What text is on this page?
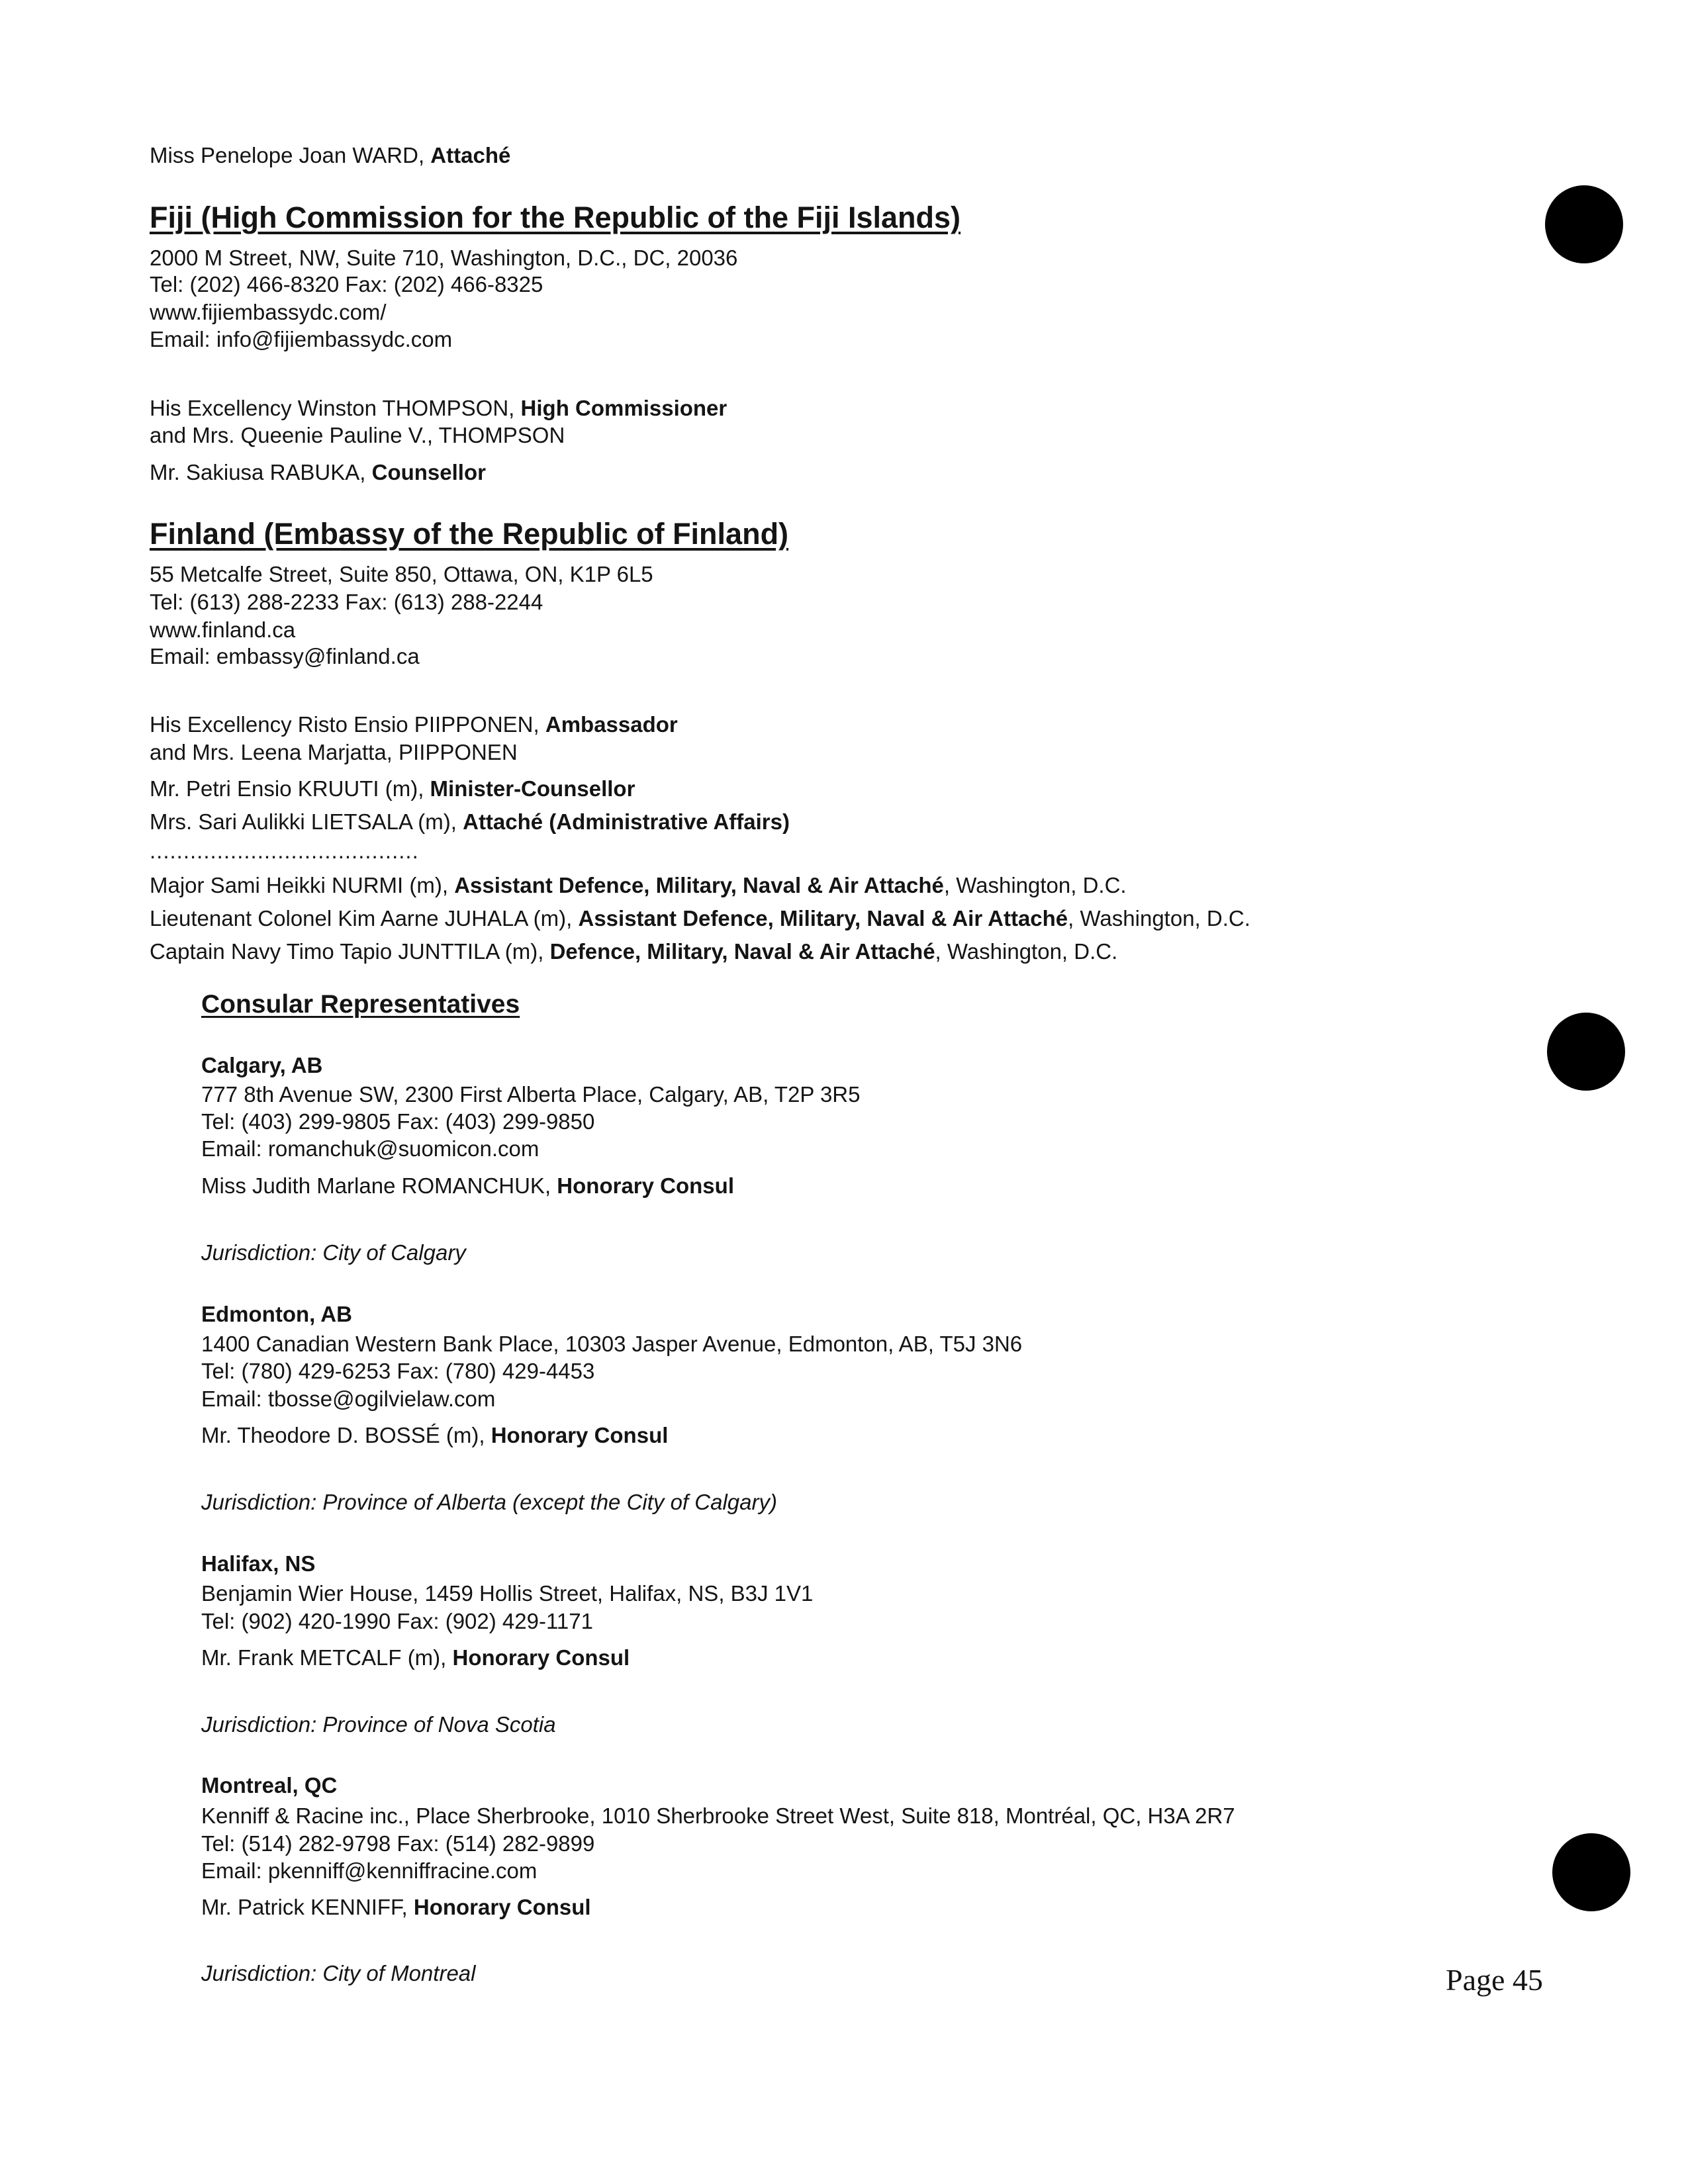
Miss Penelope Joan WARD, Attaché
Fiji (High Commission for the Republic of the Fiji Islands)
2000 M Street, NW, Suite 710, Washington, D.C., DC, 20036
Tel: (202) 466-8320 Fax: (202) 466-8325
www.fijiembassydc.com/
Email: info@fijiembassydc.com
His Excellency Winston THOMPSON, High Commissioner
and Mrs. Queenie Pauline V., THOMPSON
Mr. Sakiusa RABUKA, Counsellor
Finland (Embassy of the Republic of Finland)
55 Metcalfe Street, Suite 850, Ottawa, ON, K1P 6L5
Tel: (613) 288-2233 Fax: (613) 288-2244
www.finland.ca
Email: embassy@finland.ca
His Excellency Risto Ensio PIIPPONEN, Ambassador
and Mrs. Leena Marjatta, PIIPPONEN
Mr. Petri Ensio KRUUTI (m), Minister-Counsellor
Mrs. Sari Aulikki LIETSALA (m), Attaché (Administrative Affairs)
........................................
Major Sami Heikki NURMI (m), Assistant Defence, Military, Naval & Air Attaché, Washington, D.C.
Lieutenant Colonel Kim Aarne JUHALA (m), Assistant Defence, Military, Naval & Air Attaché, Washington, D.C.
Captain Navy Timo Tapio JUNTTILA (m), Defence, Military, Naval & Air Attaché, Washington, D.C.
Consular Representatives
Calgary, AB
777 8th Avenue SW, 2300 First Alberta Place, Calgary, AB, T2P 3R5
Tel: (403) 299-9805 Fax: (403) 299-9850
Email: romanchuk@suomicon.com
Miss Judith Marlane ROMANCHUK, Honorary Consul
Jurisdiction: City of Calgary
Edmonton, AB
1400 Canadian Western Bank Place, 10303 Jasper Avenue, Edmonton, AB, T5J 3N6
Tel: (780) 429-6253 Fax: (780) 429-4453
Email: tbosse@ogilvielaw.com
Mr. Theodore D. BOSSÉ (m), Honorary Consul
Jurisdiction: Province of Alberta (except the City of Calgary)
Halifax, NS
Benjamin Wier House, 1459 Hollis Street, Halifax, NS, B3J 1V1
Tel: (902) 420-1990 Fax: (902) 429-1171
Mr. Frank METCALF (m), Honorary Consul
Jurisdiction: Province of Nova Scotia
Montreal, QC
Kenniff & Racine inc., Place Sherbrooke, 1010 Sherbrooke Street West, Suite 818, Montréal, QC, H3A 2R7
Tel: (514) 282-9798 Fax: (514) 282-9899
Email: pkenniff@kenniffracine.com
Mr. Patrick KENNIFF, Honorary Consul
Jurisdiction: City of Montreal	Page 45
